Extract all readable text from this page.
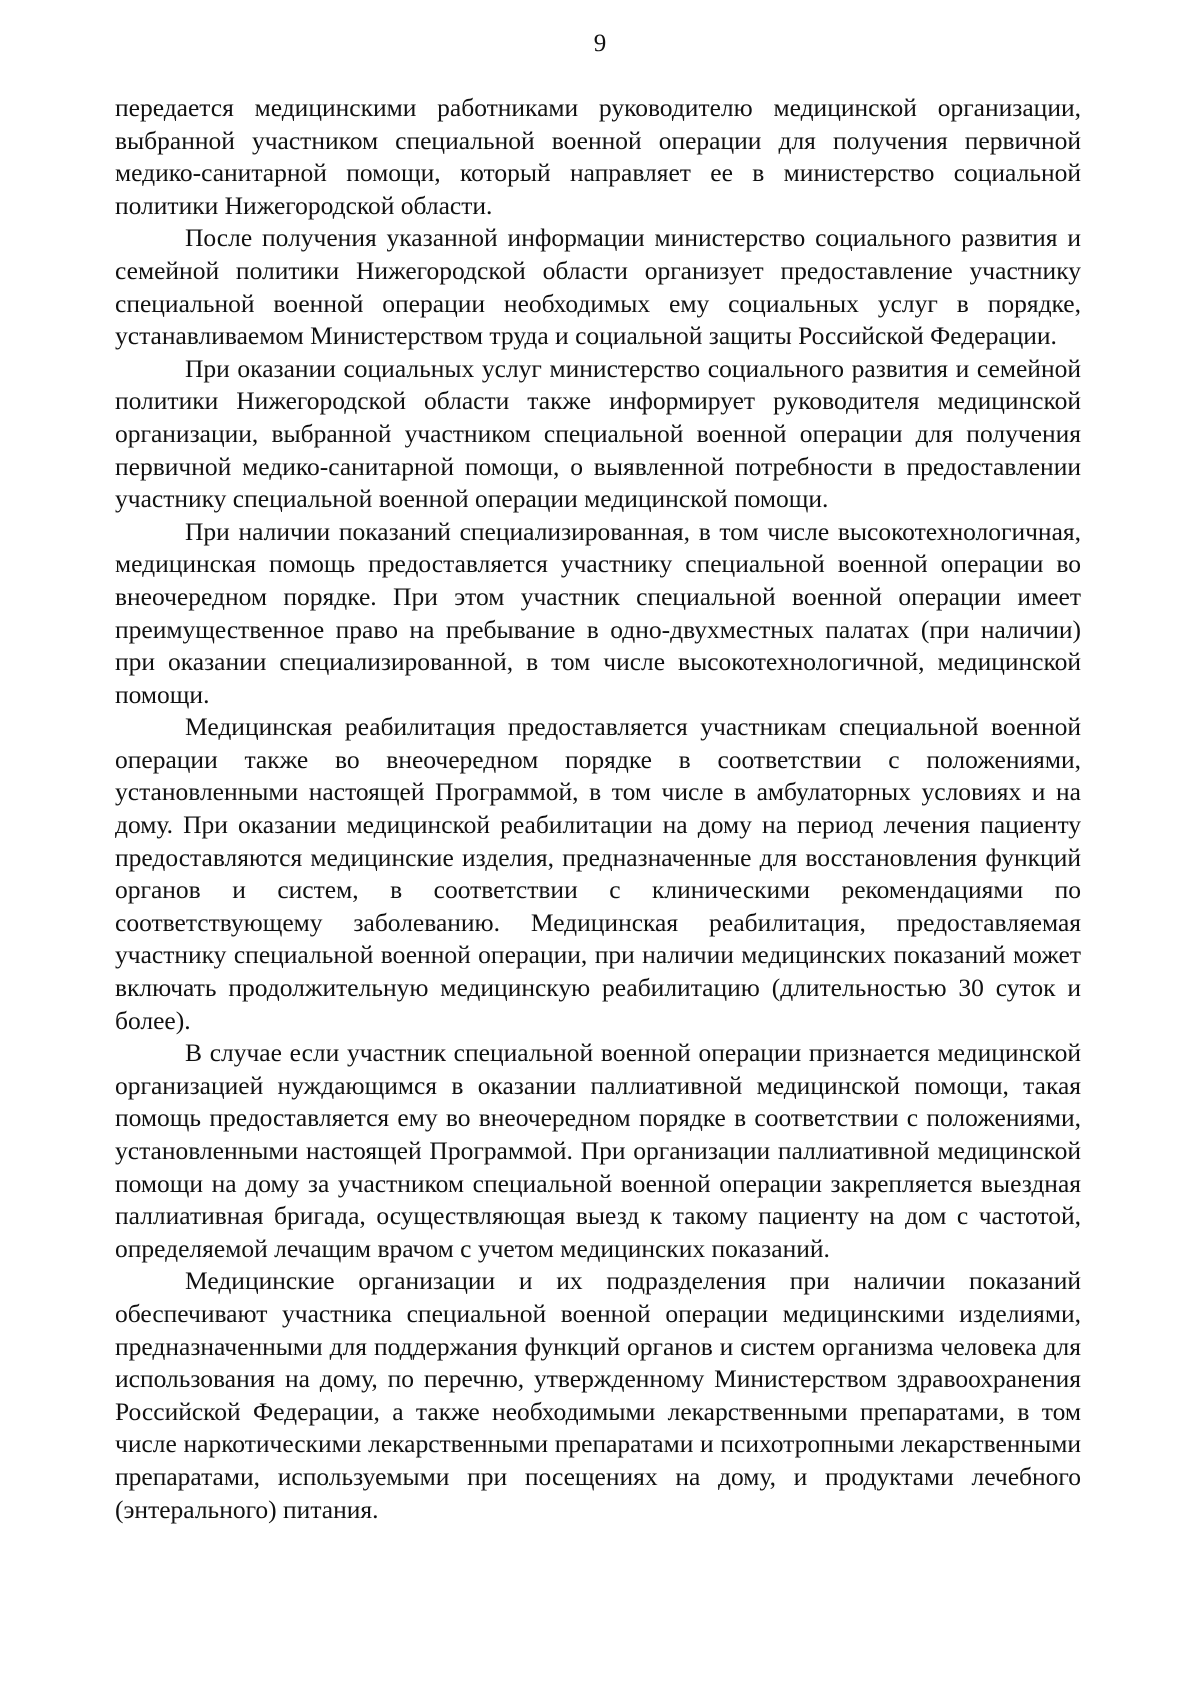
9

передается медицинскими работниками руководителю медицинской организации, выбранной участником специальной военной операции для получения первичной медико-санитарной помощи, который направляет ее в министерство социальной политики Нижегородской области.

После получения указанной информации министерство социального развития и семейной политики Нижегородской области организует предоставление участнику специальной военной операции необходимых ему социальных услуг в порядке, устанавливаемом Министерством труда и социальной защиты Российской Федерации.

При оказании социальных услуг министерство социального развития и семейной политики Нижегородской области также информирует руководителя медицинской организации, выбранной участником специальной военной операции для получения первичной медико-санитарной помощи, о выявленной потребности в предоставлении участнику специальной военной операции медицинской помощи.

При наличии показаний специализированная, в том числе высокотехнологичная, медицинская помощь предоставляется участнику специальной военной операции во внеочередном порядке. При этом участник специальной военной операции имеет преимущественное право на пребывание в одно-двухместных палатах (при наличии) при оказании специализированной, в том числе высокотехнологичной, медицинской помощи.

Медицинская реабилитация предоставляется участникам специальной военной операции также во внеочередном порядке в соответствии с положениями, установленными настоящей Программой, в том числе в амбулаторных условиях и на дому. При оказании медицинской реабилитации на дому на период лечения пациенту предоставляются медицинские изделия, предназначенные для восстановления функций органов и систем, в соответствии с клиническими рекомендациями по соответствующему заболеванию. Медицинская реабилитация, предоставляемая участнику специальной военной операции, при наличии медицинских показаний может включать продолжительную медицинскую реабилитацию (длительностью 30 суток и более).

В случае если участник специальной военной операции признается медицинской организацией нуждающимся в оказании паллиативной медицинской помощи, такая помощь предоставляется ему во внеочередном порядке в соответствии с положениями, установленными настоящей Программой. При организации паллиативной медицинской помощи на дому за участником специальной военной операции закрепляется выездная паллиативная бригада, осуществляющая выезд к такому пациенту на дом с частотой, определяемой лечащим врачом с учетом медицинских показаний.

Медицинские организации и их подразделения при наличии показаний обеспечивают участника специальной военной операции медицинскими изделиями, предназначенными для поддержания функций органов и систем организма человека для использования на дому, по перечню, утвержденному Министерством здравоохранения Российской Федерации, а также необходимыми лекарственными препаратами, в том числе наркотическими лекарственными препаратами и психотропными лекарственными препаратами, используемыми при посещениях на дому, и продуктами лечебного (энтерального) питания.
